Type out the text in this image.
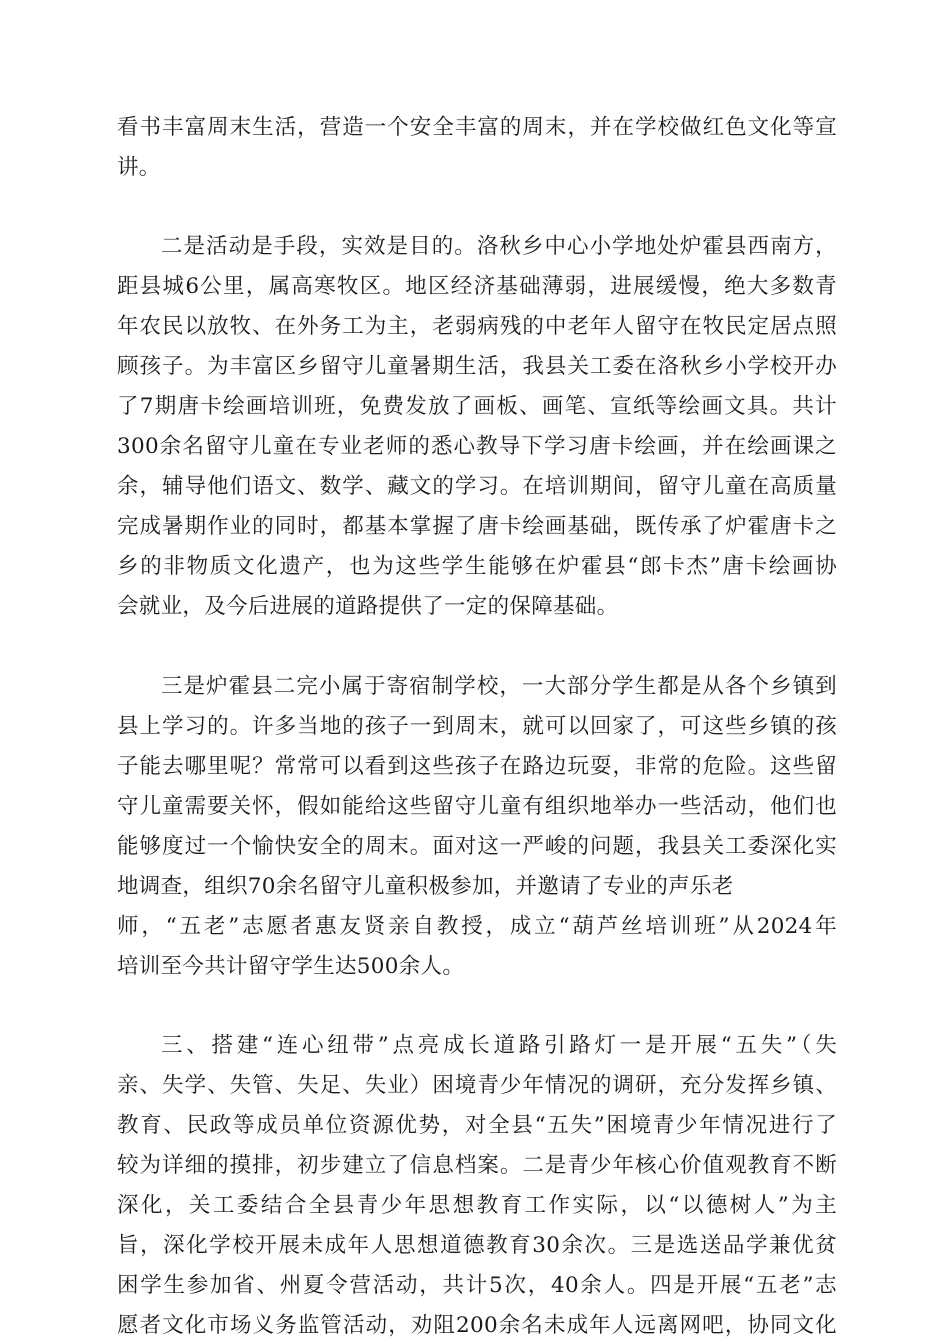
看书丰富周末生活，营造一个安全丰富的周末，并在学校做红色文化等宣
讲。
二是活动是手段，实效是目的。洛秋乡中心小学地处炉霍县西南方，
距县城6公里，属高寒牧区。地区经济基础薄弱，进展缓慢，绝大多数青
年农民以放牧、在外务工为主，老弱病残的中老年人留守在牧民定居点照
顾孩子。为丰富区乡留守儿童暑期生活，我县关工委在洛秋乡小学校开办
了7期唐卡绘画培训班，免费发放了画板、画笔、宣纸等绘画文具。共计
300余名留守儿童在专业老师的悉心教导下学习唐卡绘画，并在绘画课之
余，辅导他们语文、数学、藏文的学习。在培训期间，留守儿童在高质量
完成暑期作业的同时，都基本掌握了唐卡绘画基础，既传承了炉霍唐卡之
乡的非物质文化遗产，也为这些学生能够在炉霍县“郎卡杰”唐卡绘画协
会就业，及今后进展的道路提供了一定的保障基础。
三是炉霍县二完小属于寄宿制学校，一大部分学生都是从各个乡镇到
县上学习的。许多当地的孩子一到周末，就可以回家了，可这些乡镇的孩
子能去哪里呢？常常可以看到这些孩子在路边玩耍，非常的危险。这些留
守儿童需要关怀，假如能给这些留守儿童有组织地举办一些活动，他们也
能够度过一个愉快安全的周末。面对这一严峻的问题，我县关工委深化实
地调查，组织70余名留守儿童积极参加，并邀请了专业的声乐老
师，“五老”志愿者惠友贤亲自教授，成立“葫芦丝培训班”从2024年
培训至今共计留守学生达500余人。
三、搭建“连心纽带”点亮成长道路引路灯一是开展“五失”（失
亲、失学、失管、失足、失业）困境青少年情况的调研，充分发挥乡镇、
教育、民政等成员单位资源优势，对全县“五失”困境青少年情况进行了
较为详细的摸排，初步建立了信息档案。二是青少年核心价值观教育不断
深化，关工委结合全县青少年思想教育工作实际，以“以德树人”为主
旨，深化学校开展未成年人思想道德教育30余次。三是选送品学兼优贫
困学生参加省、州夏令营活动，共计5次，40余人。四是开展“五老”志
愿者文化市场义务监管活动，劝阻200余名未成年人远离网吧，协同文化
